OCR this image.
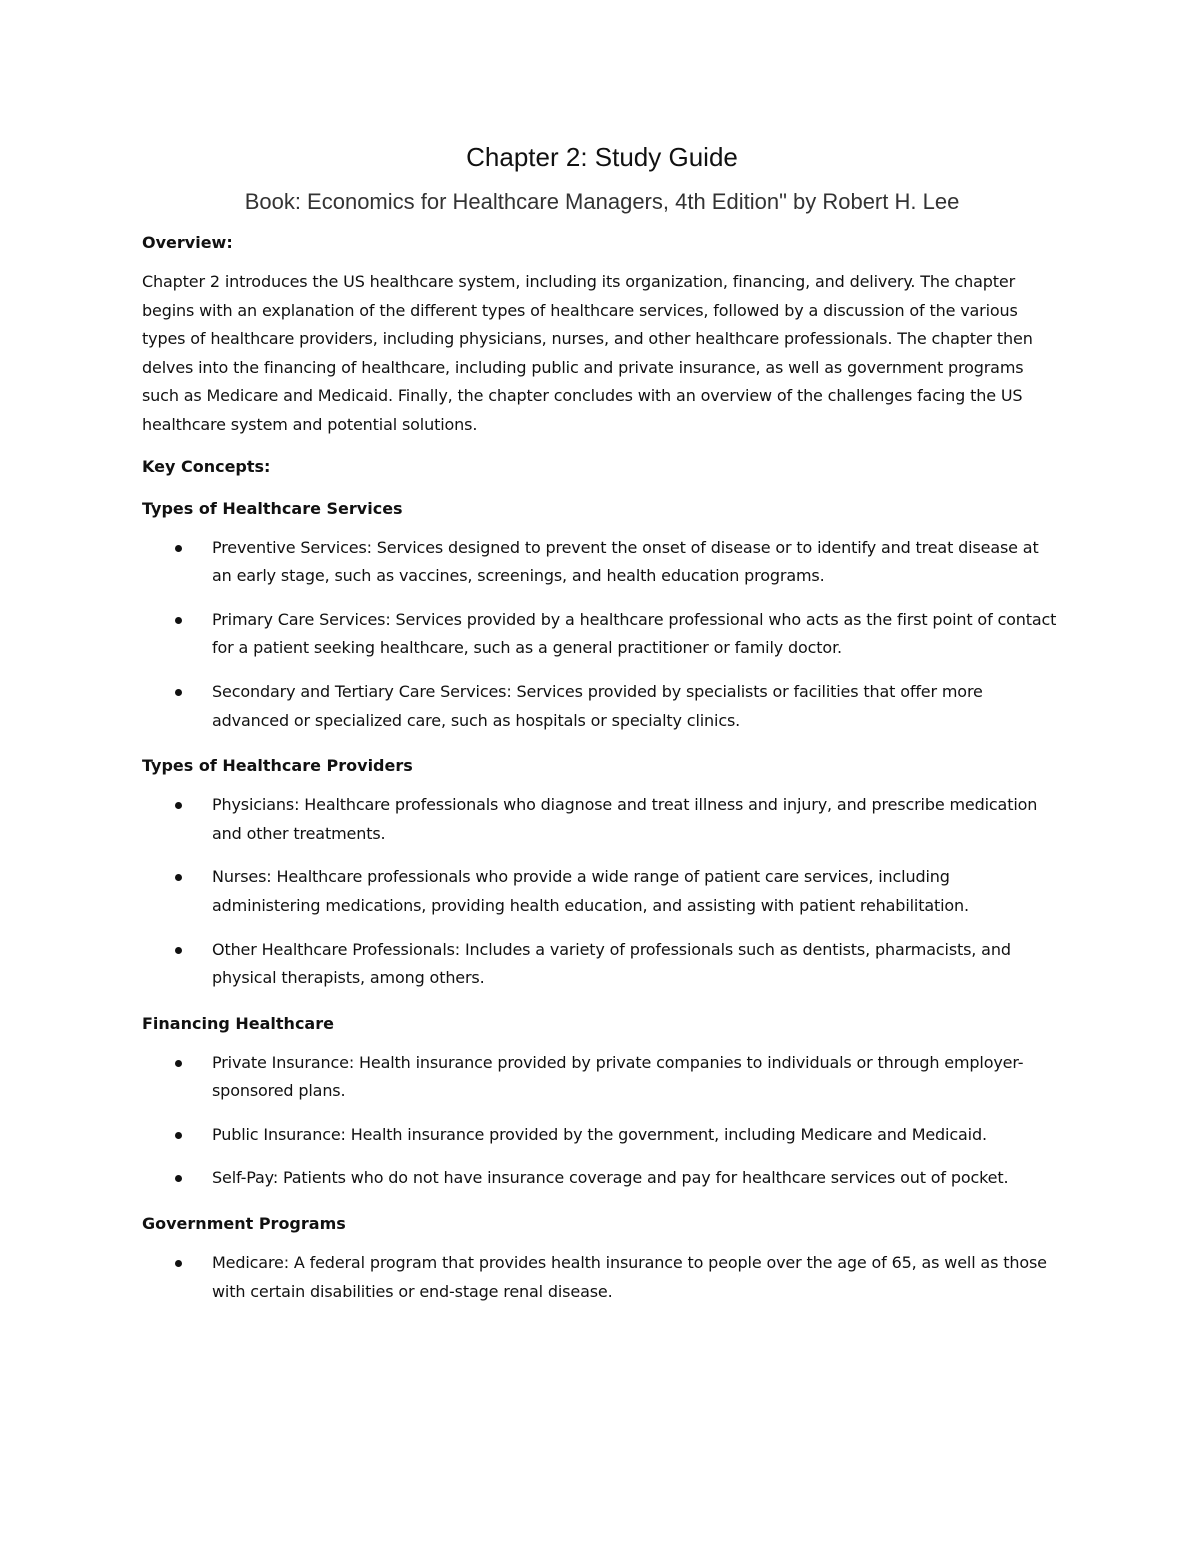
Chapter 2: Study Guide
Book: Economics for Healthcare Managers, 4th Edition" by Robert H. Lee
Overview:

Chapter 2 introduces the US healthcare system, including its organization, financing, and delivery. The chapter begins with an explanation of the different types of healthcare services, followed by a discussion of the various types of healthcare providers, including physicians, nurses, and other healthcare professionals. The chapter then delves into the financing of healthcare, including public and private insurance, as well as government programs such as Medicare and Medicaid. Finally, the chapter concludes with an overview of the challenges facing the US healthcare system and potential solutions.

Key Concepts:
Types of Healthcare Services
Preventive Services: Services designed to prevent the onset of disease or to identify and treat disease at an early stage, such as vaccines, screenings, and health education programs.
Primary Care Services: Services provided by a healthcare professional who acts as the first point of contact for a patient seeking healthcare, such as a general practitioner or family doctor.
Secondary and Tertiary Care Services: Services provided by specialists or facilities that offer more advanced or specialized care, such as hospitals or specialty clinics.
Types of Healthcare Providers
Physicians: Healthcare professionals who diagnose and treat illness and injury, and prescribe medication and other treatments.
Nurses: Healthcare professionals who provide a wide range of patient care services, including administering medications, providing health education, and assisting with patient rehabilitation.
Other Healthcare Professionals: Includes a variety of professionals such as dentists, pharmacists, and physical therapists, among others.
Financing Healthcare
Private Insurance: Health insurance provided by private companies to individuals or through employer-sponsored plans.
Public Insurance: Health insurance provided by the government, including Medicare and Medicaid.
Self-Pay: Patients who do not have insurance coverage and pay for healthcare services out of pocket.
Government Programs
Medicare: A federal program that provides health insurance to people over the age of 65, as well as those with certain disabilities or end-stage renal disease.
